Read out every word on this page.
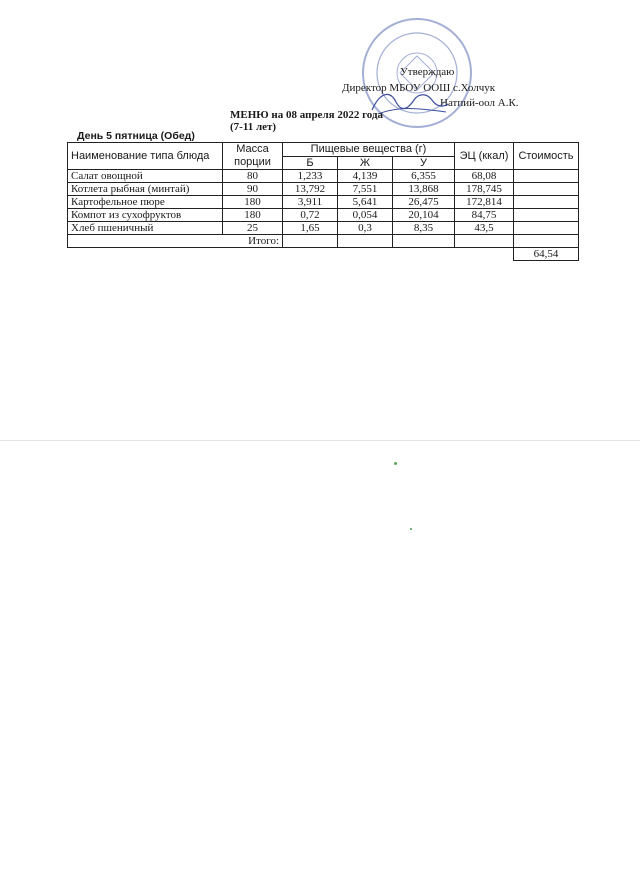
Утверждаю
Директор МБОУ ООШ с.Холчук
Натпий-оол А.К.
МЕНЮ на 08 апреля 2022 года
(7-11 лет)
День 5 пятница (Обед)
Наименование типа блюда	Масса порции	Пищевые вещества (г)			ЭЦ (ккал)	Стоимость
		Б	Ж	У		
Салат овощной	80	1,233	4,139	6,355	68,08	
Котлета рыбная (минтай)	90	13,792	7,551	13,868	178,745	
Картофельное пюре	180	3,911	5,641	26,475	172,814	
Компот из сухофруктов	180	0,72	0,054	20,104	84,75	
Хлеб пшеничный	25	1,65	0,3	8,35	43,5	
Итого:						
						64,54
